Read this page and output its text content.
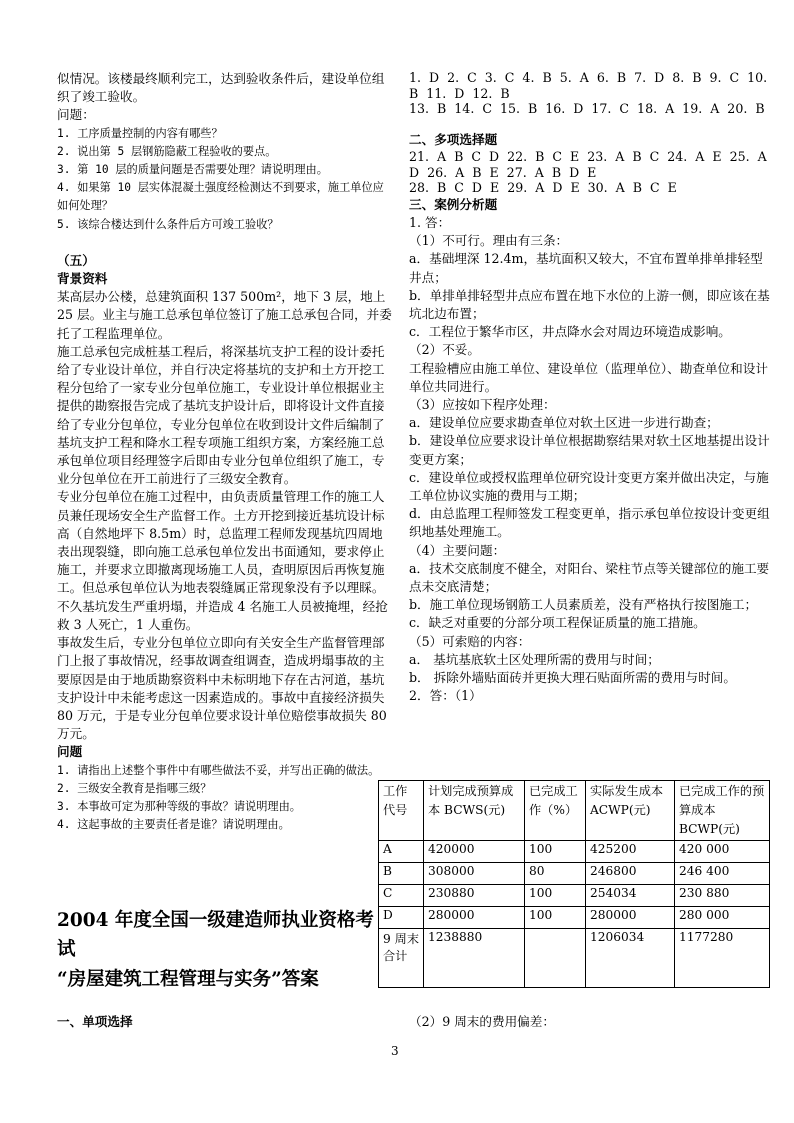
似情况。该楼最终顺利完工，达到验收条件后，建设单位组织了竣工验收。

问题：

1. 工序质量控制的内容有哪些？

2. 说出第 5 层钢筋隐蔽工程验收的要点。

3. 第 10 层的质量问题是否需要处理？请说明理由。

4. 如果第 10 层实体混凝土强度经检测达不到要求，施工单位应如何处理？

5. 该综合楼达到什么条件后方可竣工验收？

（五）

背景资料

某高层办公楼，总建筑面积 137 500m²，地下 3 层，地上 25 层。业主与施工总承包单位签订了施工总承包合同，并委托了工程监理单位。

施工总承包完成桩基工程后，将深基坑支护工程的设计委托给了专业设计单位，并自行决定将基坑的支护和土方开挖工程分包给了一家专业分包单位施工，专业设计单位根据业主提供的勘察报告完成了基坑支护设计后，即将设计文件直接给了专业分包单位，专业分包单位在收到设计文件后编制了基坑支护工程和降水工程专项施工组织方案，方案经施工总承包单位项目经理签字后即由专业分包单位组织了施工，专业分包单位在开工前进行了三级安全教育。

专业分包单位在施工过程中，由负责质量管理工作的施工人员兼任现场安全生产监督工作。土方开挖到接近基坑设计标高（自然地坪下 8.5m）时，总监理工程师发现基坑四周地表出现裂缝，即向施工总承包单位发出书面通知，要求停止施工，并要求立即撤离现场施工人员，查明原因后再恢复施工。但总承包单位认为地表裂缝属正常现象没有予以理睬。不久基坑发生严重坍塌，并造成 4 名施工人员被掩埋，经抢救 3 人死亡，1 人重伤。

事故发生后，专业分包单位立即向有关安全生产监督管理部门上报了事故情况，经事故调查组调查，造成坍塌事故的主要原因是由于地质勘察资料中未标明地下存在古河道，基坑支护设计中未能考虑这一因素造成的。事故中直接经济损失 80 万元，于是专业分包单位要求设计单位赔偿事故损失 80 万元。

问题

1. 请指出上述整个事件中有哪些做法不妥，并写出正确的做法。

2. 三级安全教育是指哪三级？

3. 本事故可定为那种等级的事故？请说明理由。

4. 这起事故的主要责任者是谁？请说明理由。

2004 年度全国一级建造师执业资格考试

“房屋建筑工程管理与实务”答案

一、单项选择

1. D 2. C 3. C 4. B 5. A 6. B 7. D 8. B 9. C 10. B 11. D 12. B

13. B 14. C 15. B 16. D 17. C 18. A 19. A 20. B

二、多项选择题

21. A B C D 22. B C E 23. A B C 24. A E 25. A D 26. A B E 27. A B D E

28. B C D E 29. A D E 30. A B C E

三、案例分析题

1. 答：

（1）不可行。理由有三条：

a．基础埋深 12.4m，基坑面积又较大，不宜布置单排单排轻型井点；

b．单排单排轻型井点应布置在地下水位的上游一侧，即应该在基坑北边布置；

c．工程位于繁华市区，井点降水会对周边环境造成影响。

（2）不妥。

工程验槽应由施工单位、建设单位（监理单位）、勘查单位和设计单位共同进行。

（3）应按如下程序处理：

a．建设单位应要求勘查单位对软土区进一步进行勘查；

b．建设单位应要求设计单位根据勘察结果对软土区地基提出设计变更方案；

c．建设单位或授权监理单位研究设计变更方案并做出决定，与施工单位协议实施的费用与工期；

d．由总监理工程师签发工程变更单，指示承包单位按设计变更组织地基处理施工。

（4）主要问题：

a．技术交底制度不健全，对阳台、梁柱节点等关键部位的施工要点未交底清楚；

b．施工单位现场钢筋工人员素质差，没有严格执行按图施工；

c．缺乏对重要的分部分项工程保证质量的施工措施。

（5）可索赔的内容：

a． 基坑基底软土区处理所需的费用与时间；

b． 拆除外墙贴面砖并更换大理石贴面所需的费用与时间。

2．答：（1）

工作代号	计划完成预算成 本 BCWS(元)	已完成工 作（%）	实际发生成本 ACWP(元)	已完成工作的预算成本 BCWP(元)
A	420000	100	425200	420 000
B	308000	80	246800	246 400
C	230880	100	254034	230 880
D	280000	100	280000	280 000
9 周末合计	1238880		1206034	1177280
（2）9 周末的费用偏差：
3
